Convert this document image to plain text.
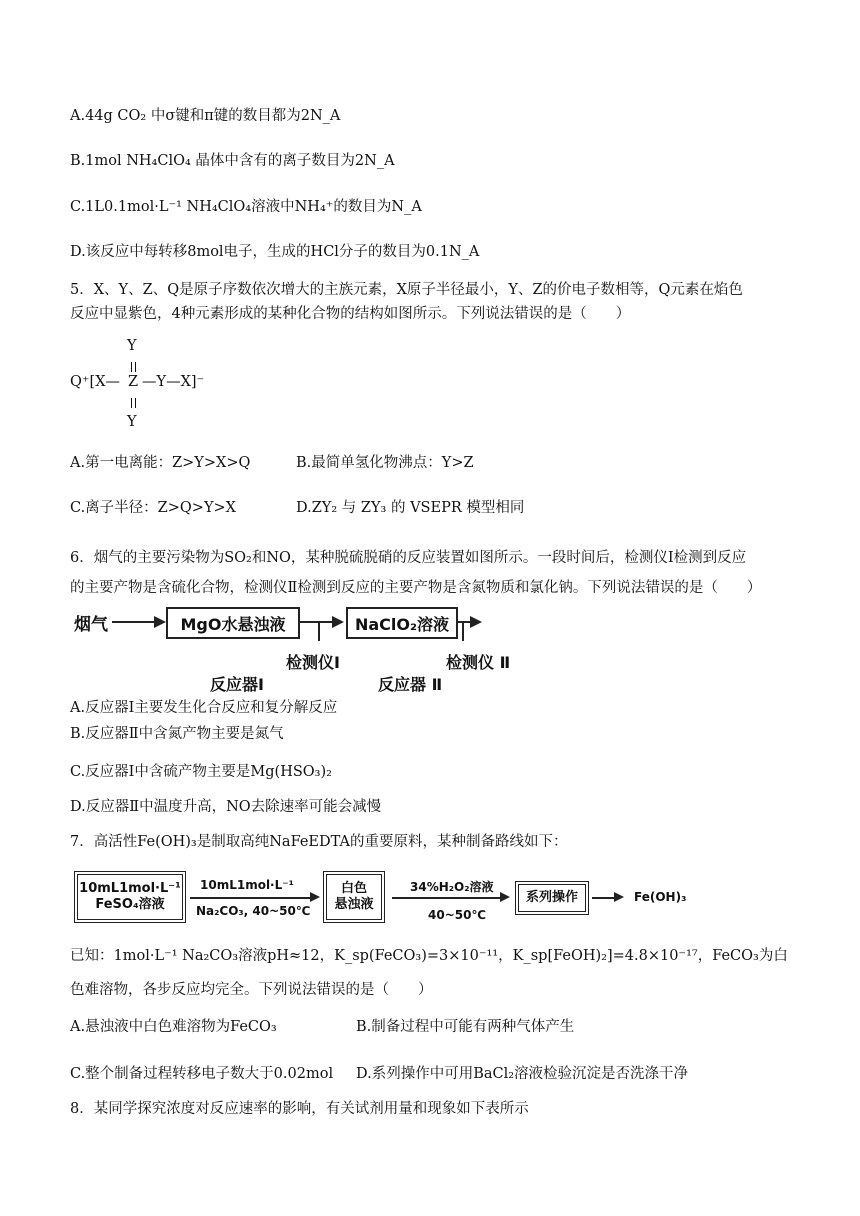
A.44g CO₂ 中σ键和π键的数目都为2N_A
B.1mol NH₄ClO₄ 晶体中含有的离子数目为2N_A
C.1L0.1mol·L⁻¹ NH₄ClO₄溶液中NH₄⁺的数目为N_A
D.该反应中每转移8mol电子，生成的HCl分子的数目为0.1N_A
5．X、Y、Z、Q是原子序数依次增大的主族元素，X原子半径最小，Y、Z的价电子数相等，Q元素在焰色
反应中显紫色，4种元素形成的某种化合物的结构如图所示。下列说法错误的是（　　）
Y
Q⁺[X— Z —Y—X]⁻
Y
A.第一电离能：Z>Y>X>Q	B.最简单氢化物沸点：Y>Z
C.离子半径：Z>Q>Y>X	D.ZY₂ 与 ZY₃ 的 VSEPR 模型相同
6．烟气的主要污染物为SO₂和NO，某种脱硫脱硝的反应装置如图所示。一段时间后，检测仪I检测到反应
的主要产物是含硫化合物，检测仪Ⅱ检测到反应的主要产物是含氮物质和氯化钠。下列说法错误的是（　　）
烟气	MgO水悬浊液	NaClO₂溶液
检测仪I	检测仪 Ⅱ
反应器I	反应器 Ⅱ
A.反应器I主要发生化合反应和复分解反应
B.反应器Ⅱ中含氮产物主要是氮气
C.反应器I中含硫产物主要是Mg(HSO₃)₂
D.反应器Ⅱ中温度升高，NO去除速率可能会减慢
7．高活性Fe(OH)₃是制取高纯NaFeEDTA的重要原料，某种制备路线如下：
10mL1mol·L⁻¹
FeSO₄溶液
10mL1mol·L⁻¹
Na₂CO₃, 40~50℃
白色
悬浊液
34%H₂O₂溶液
40~50℃
系列操作	Fe(OH)₃
已知：1mol·L⁻¹ Na₂CO₃溶液pH≈12，K_sp(FeCO₃)=3×10⁻¹¹，K_sp[FeOH)₂]=4.8×10⁻¹⁷，FeCO₃为白
色难溶物，各步反应均完全。下列说法错误的是（　　）
A.悬浊液中白色难溶物为FeCO₃	B.制备过程中可能有两种气体产生
C.整个制备过程转移电子数大于0.02mol D.系列操作中可用BaCl₂溶液检验沉淀是否洗涤干净
8．某同学探究浓度对反应速率的影响，有关试剂用量和现象如下表所示
